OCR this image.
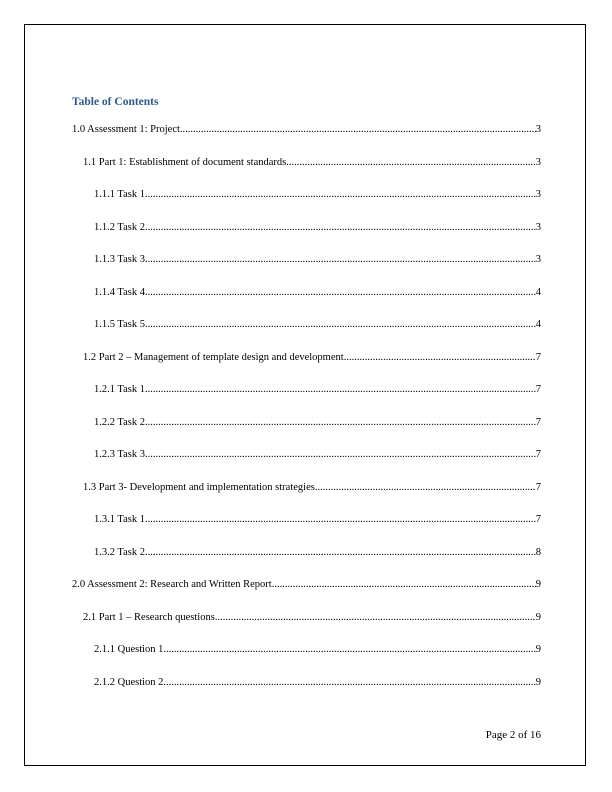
Table of Contents
1.0 Assessment 1: Project .....	3
1.1 Part 1: Establishment of document standards .....	3
1.1.1 Task 1 .....	3
1.1.2 Task 2 .....	3
1.1.3 Task 3 .....	3
1.1.4 Task 4 .....	4
1.1.5 Task 5 .....	4
1.2 Part 2 – Management of template design and development .....	7
1.2.1 Task 1 .....	7
1.2.2 Task 2 .....	7
1.2.3 Task 3 .....	7
1.3 Part 3- Development and implementation strategies .....	7
1.3.1 Task 1 .....	7
1.3.2 Task 2 .....	8
2.0 Assessment 2: Research and Written Report .....	9
2.1 Part 1 – Research questions .....	9
2.1.1 Question 1 .....	9
2.1.2 Question 2 .....	9
Page 2 of 16
